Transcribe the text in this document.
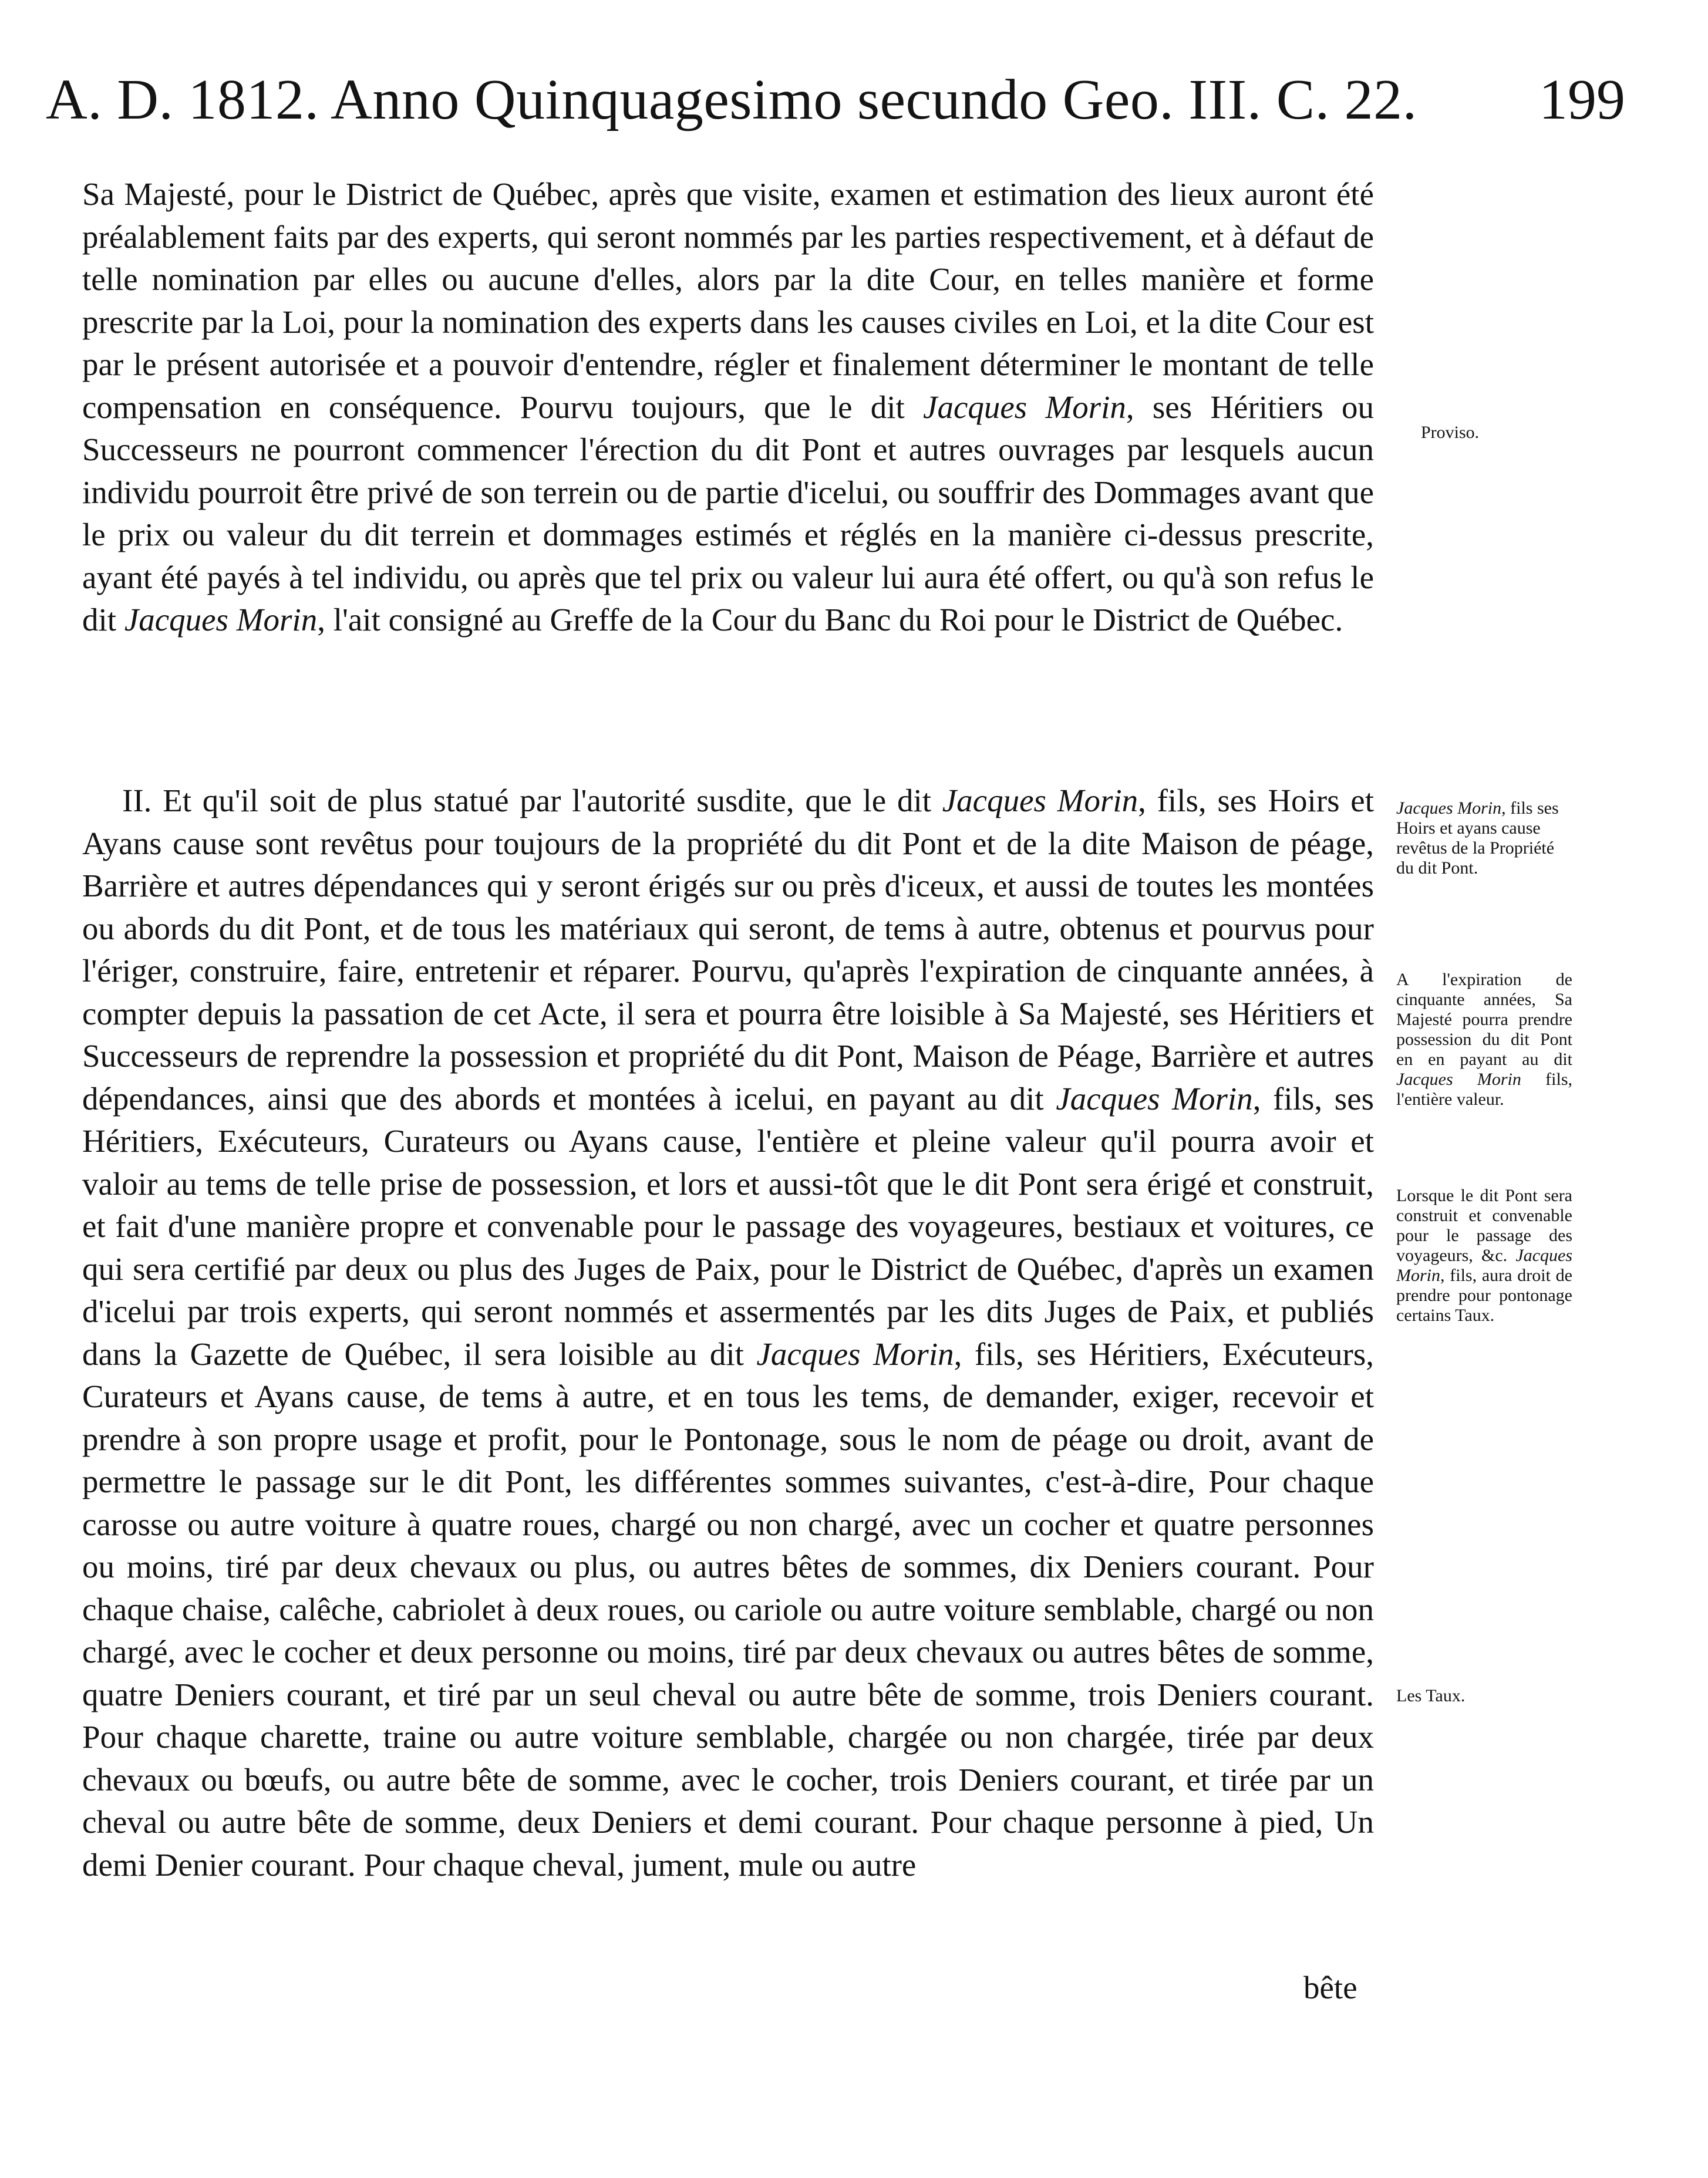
A. D. 1812. Anno Quinquagesimo secundo Geo. III. C. 22. 199

Sa Majesté, pour le District de Québec, après que visite, examen et estimation des lieux auront été préalablement faits par des experts, qui seront nommés par les parties respectivement, et à défaut de telle nomination par elles ou aucune d'elles, alors par la dite Cour, en telles manière et forme prescrite par la Loi, pour la nomination des experts dans les causes civiles en Loi, et la dite Cour est par le présent autorisée et a pouvoir d'entendre, régler et finalement déterminer le montant de telle compensation en conséquence. Pourvu toujours, que le dit Jacques Morin, ses Héritiers ou Successeurs ne pourront commencer l'érection du dit Pont et autres ouvrages par lesquels aucun individu pourroit être privé de son terrein ou de partie d'icelui, ou souffrir des Dommages avant que le prix ou valeur du dit terrein et dommages estimés et réglés en la manière ci-dessus prescrite, ayant été payés à tel individu, ou après que tel prix ou valeur lui aura été offert, ou qu'à son refus le dit Jacques Morin, l'ait consigné au Greffe de la Cour du Banc du Roi pour le District de Québec.

II. Et qu'il soit de plus statué par l'autorité susdite, que le dit Jacques Morin, fils, ses Hoirs et Ayans cause sont revêtus pour toujours de la propriété du dit Pont et de la dite Maison de péage, Barrière et autres dépendances qui y seront érigés sur ou près d'iceux, et aussi de toutes les montées ou abords du dit Pont, et de tous les matériaux qui seront, de tems à autre, obtenus et pourvus pour l'ériger, construire, faire, entretenir et réparer. Pourvu, qu'après l'expiration de cinquante années, à compter depuis la passation de cet Acte, il sera et pourra être loisible à Sa Majesté, ses Héritiers et Successeurs de reprendre la possession et propriété du dit Pont, Maison de Péage, Barrière et autres dépendances, ainsi que des abords et montées à icelui, en payant au dit Jacques Morin, fils, ses Héritiers, Exécuteurs, Curateurs ou Ayans cause, l'entière et pleine valeur qu'il pourra avoir et valoir au tems de telle prise de possession, et lors et aussi-tôt que le dit Pont sera érigé et construit, et fait d'une manière propre et convenable pour le passage des voyageures, bestiaux et voitures, ce qui sera certifié par deux ou plus des Juges de Paix, pour le District de Québec, d'après un examen d'icelui par trois experts, qui seront nommés et assermentés par les dits Juges de Paix, et publiés dans la Gazette de Québec, il sera loisible au dit Jacques Morin, fils, ses Héritiers, Exécuteurs, Curateurs et Ayans cause, de tems à autre, et en tous les tems, de demander, exiger, recevoir et prendre à son propre usage et profit, pour le Pontonage, sous le nom de péage ou droit, avant de permettre le passage sur le dit Pont, les différentes sommes suivantes, c'est-à-dire, Pour chaque carosse ou autre voiture à quatre roues, chargé ou non chargé, avec un cocher et quatre personnes ou moins, tiré par deux chevaux ou plus, ou autres bêtes de sommes, dix Deniers courant. Pour chaque chaise, calêche, cabriolet à deux roues, ou cariole ou autre voiture semblable, chargé ou non chargé, avec le cocher et deux personne ou moins, tiré par deux chevaux ou autres bêtes de somme, quatre Deniers courant, et tiré par un seul cheval ou autre bête de somme, trois Deniers courant. Pour chaque charette, traine ou autre voiture semblable, chargée ou non chargée, tirée par deux chevaux ou bœufs, ou autre bête de somme, avec le cocher, trois Deniers courant, et tirée par un cheval ou autre bête de somme, deux Deniers et demi courant. Pour chaque personne à pied, Un demi Denier courant. Pour chaque cheval, jument, mule ou autre

bête

Proviso.

Jacques Morin, fils ses Hoirs et ayans cause revêtus de la Propriété du dit Pont.

A l'expiration de cinquante années, Sa Majesté pourra prendre possession du dit Pont en en payant au dit Jacques Morin fils, l'entière valeur.

Lorsque le dit Pont sera construit et convenable pour le passage des voyageurs, &c. Jacques Morin, fils, aura droit de prendre pour pontonage certains Taux.

Les Taux.
